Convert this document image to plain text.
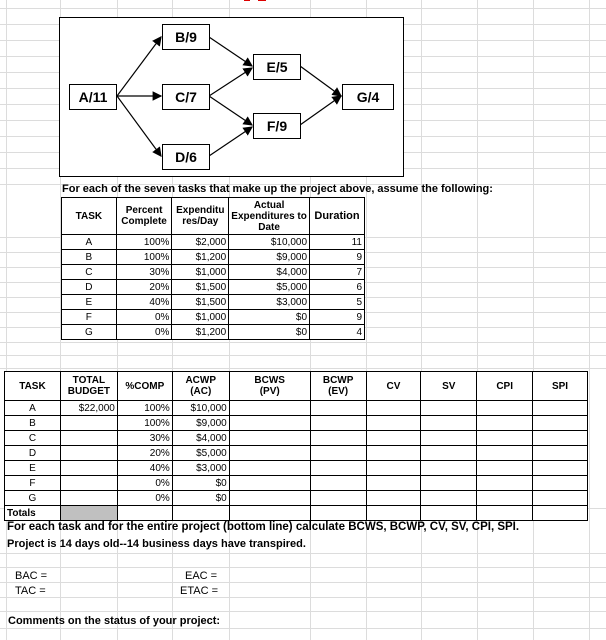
A/11
B/9
C/7
D/6
E/5
F/9
G/4
For each of the seven tasks that make up the project above, assume the following:
TASK	Percent Complete	Expenditures/Day	Actual Expenditures to Date	Duration
A	100%	$2,000	$10,000	11
B	100%	$1,200	$9,000	9
C	30%	$1,000	$4,000	7
D	20%	$1,500	$5,000	6
E	40%	$1,500	$3,000	5
F	0%	$1,000	$0	9
G	0%	$1,200	$0	4
TASK	TOTAL BUDGET	%COMP	ACWP (AC)	BCWS (PV)	BCWP (EV)	CV	SV	CPI	SPI
A	$22,000	100%	$10,000						
B		100%	$9,000						
C		30%	$4,000						
D		20%	$5,000						
E		40%	$3,000						
F		0%	$0						
G		0%	$0						
Totals									
For each task and for the entire project (bottom line) calculate BCWS, BCWP, CV, SV, CPI, SPI.
Project is 14 days old--14 business days have transpired.
BAC =
TAC =
EAC =
ETAC =
Comments on the status of your project:
